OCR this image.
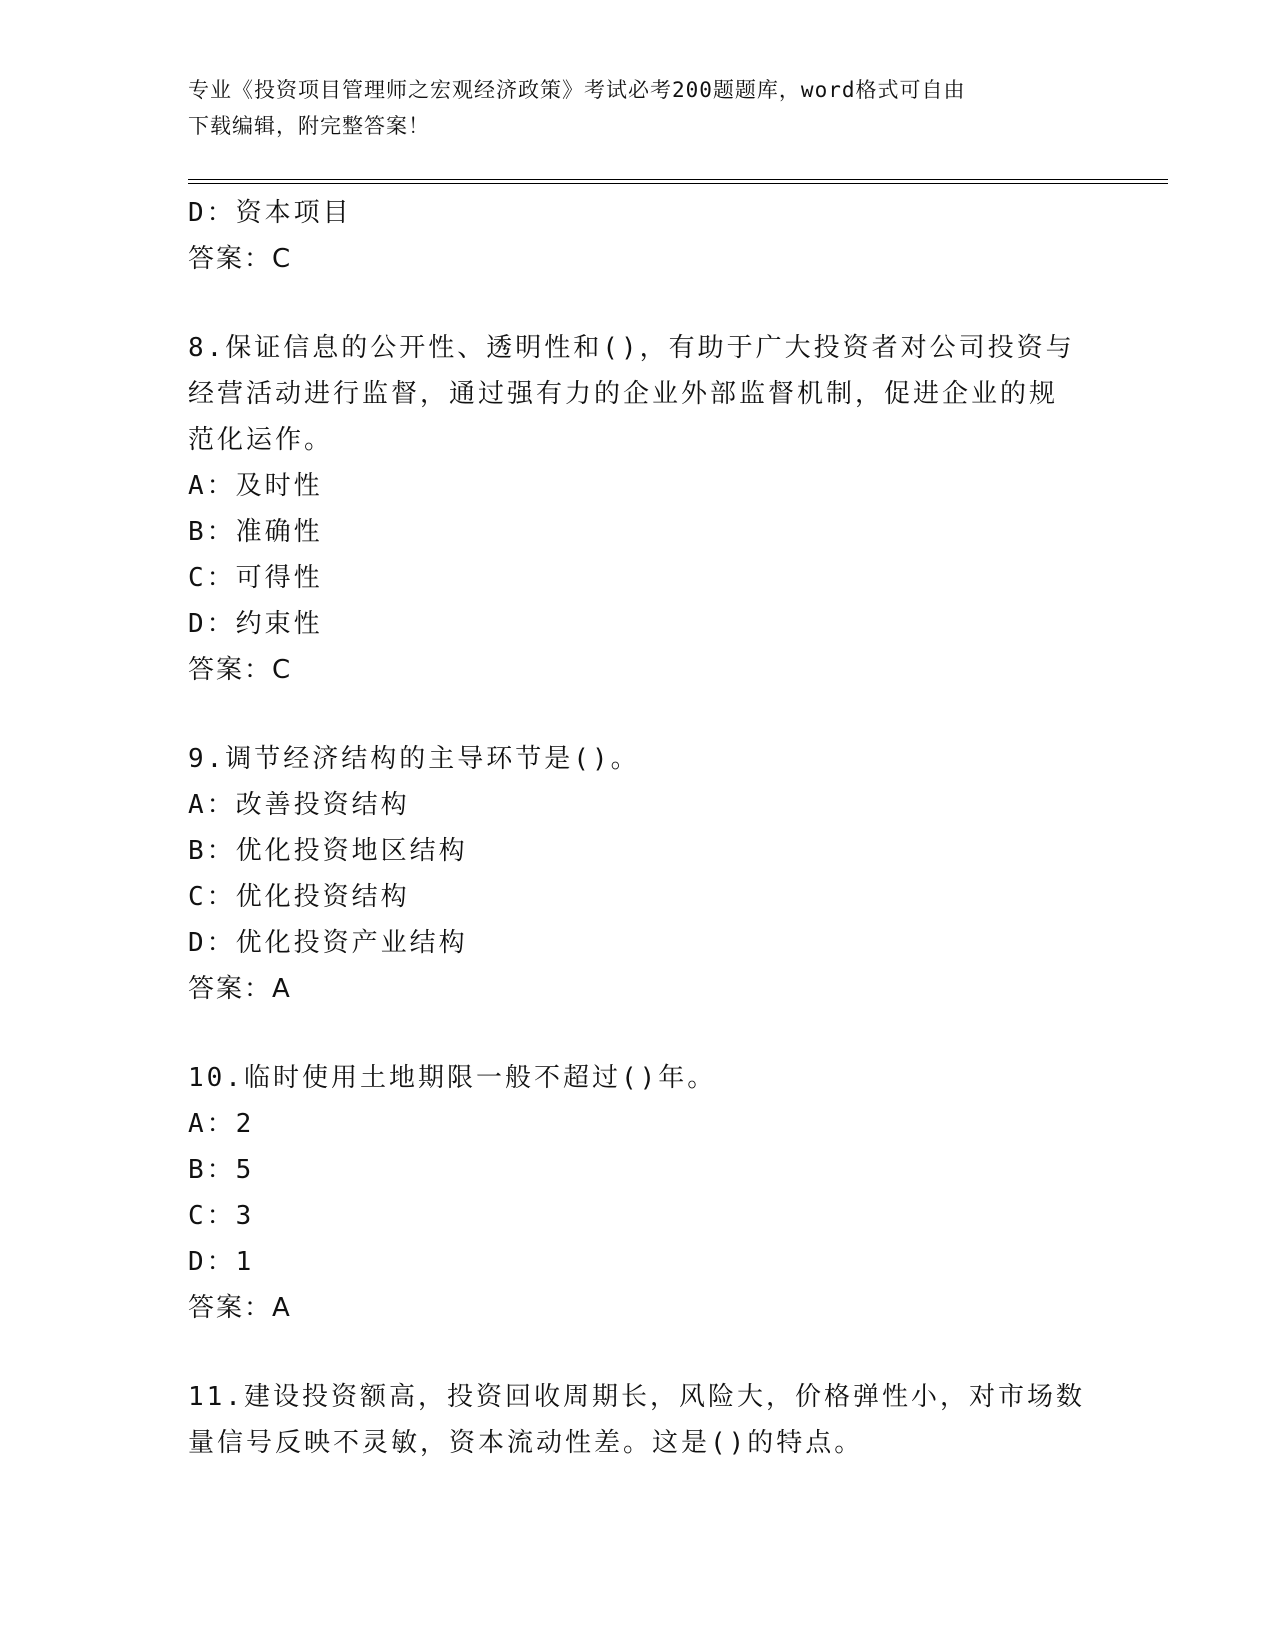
专业《投资项目管理师之宏观经济政策》考试必考200题题库，word格式可自由
下载编辑，附完整答案！
D：资本项目
答案：C
8.保证信息的公开性、透明性和()，有助于广大投资者对公司投资与
经营活动进行监督，通过强有力的企业外部监督机制，促进企业的规
范化运作。
A：及时性
B：准确性
C：可得性
D：约束性
答案：C
9.调节经济结构的主导环节是()。
A：改善投资结构
B：优化投资地区结构
C：优化投资结构
D：优化投资产业结构
答案：A
10.临时使用土地期限一般不超过()年。
A：2
B：5
C：3
D：1
答案：A
11.建设投资额高，投资回收周期长，风险大，价格弹性小，对市场数
量信号反映不灵敏，资本流动性差。这是()的特点。
